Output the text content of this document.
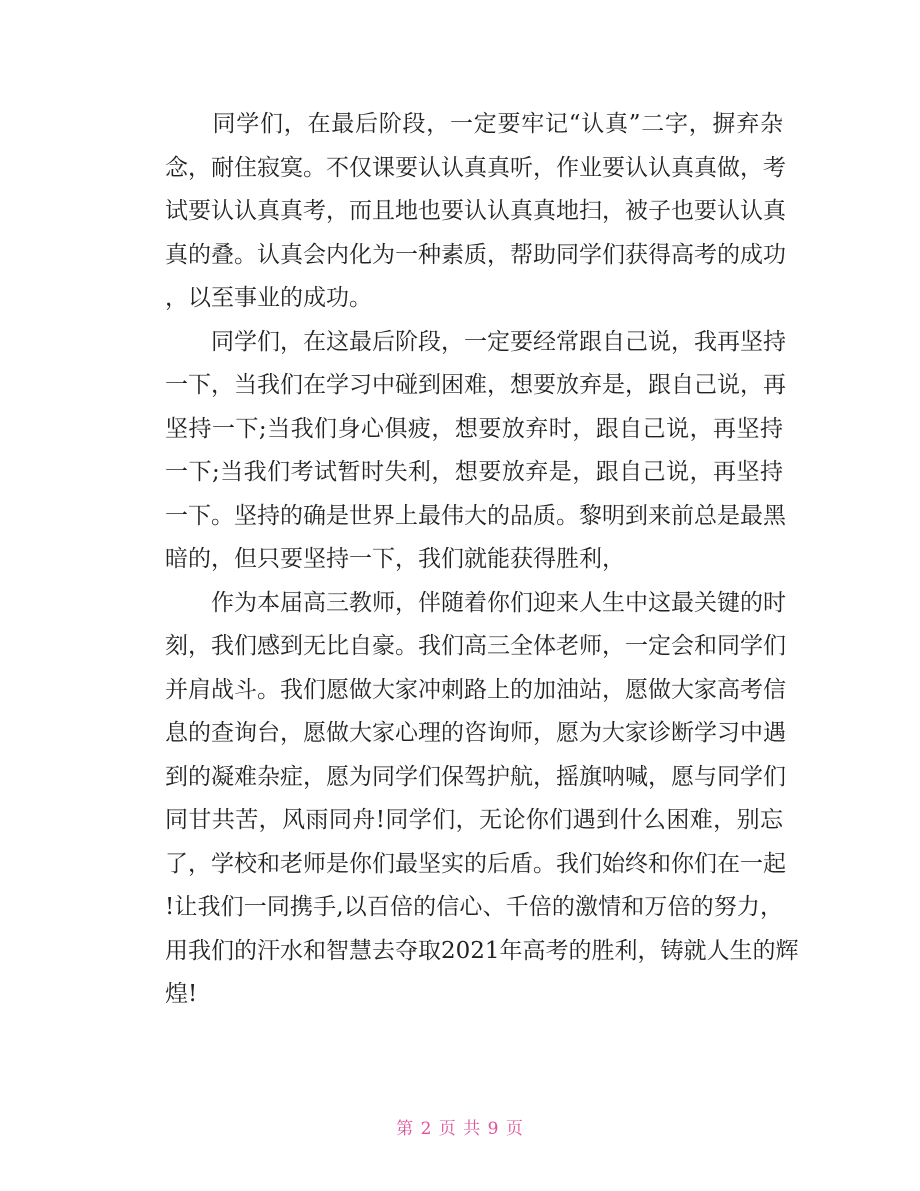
　　同学们，在最后阶段，一定要牢记“认真”二字，摒弃杂
念，耐住寂寞。不仅课要认认真真听，作业要认认真真做，考
试要认认真真考，而且地也要认认真真地扫，被子也要认认真
真的叠。认真会内化为一种素质，帮助同学们获得高考的成功
，以至事业的成功。
　　同学们，在这最后阶段，一定要经常跟自己说，我再坚持
一下，当我们在学习中碰到困难，想要放弃是，跟自己说，再
坚持一下;当我们身心俱疲，想要放弃时，跟自己说，再坚持
一下;当我们考试暂时失利，想要放弃是，跟自己说，再坚持
一下。坚持的确是世界上最伟大的品质。黎明到来前总是最黑
暗的，但只要坚持一下，我们就能获得胜利，
　　作为本届高三教师，伴随着你们迎来人生中这最关键的时
刻，我们感到无比自豪。我们高三全体老师，一定会和同学们
并肩战斗。我们愿做大家冲刺路上的加油站，愿做大家高考信
息的查询台，愿做大家心理的咨询师，愿为大家诊断学习中遇
到的凝难杂症，愿为同学们保驾护航，摇旗呐喊，愿与同学们
同甘共苦，风雨同舟!同学们，无论你们遇到什么困难，别忘
了，学校和老师是你们最坚实的后盾。我们始终和你们在一起
!让我们一同携手,以百倍的信心、千倍的激情和万倍的努力，
用我们的汗水和智慧去夺取2021年高考的胜利，铸就人生的辉
煌!
第 2 页 共 9 页
